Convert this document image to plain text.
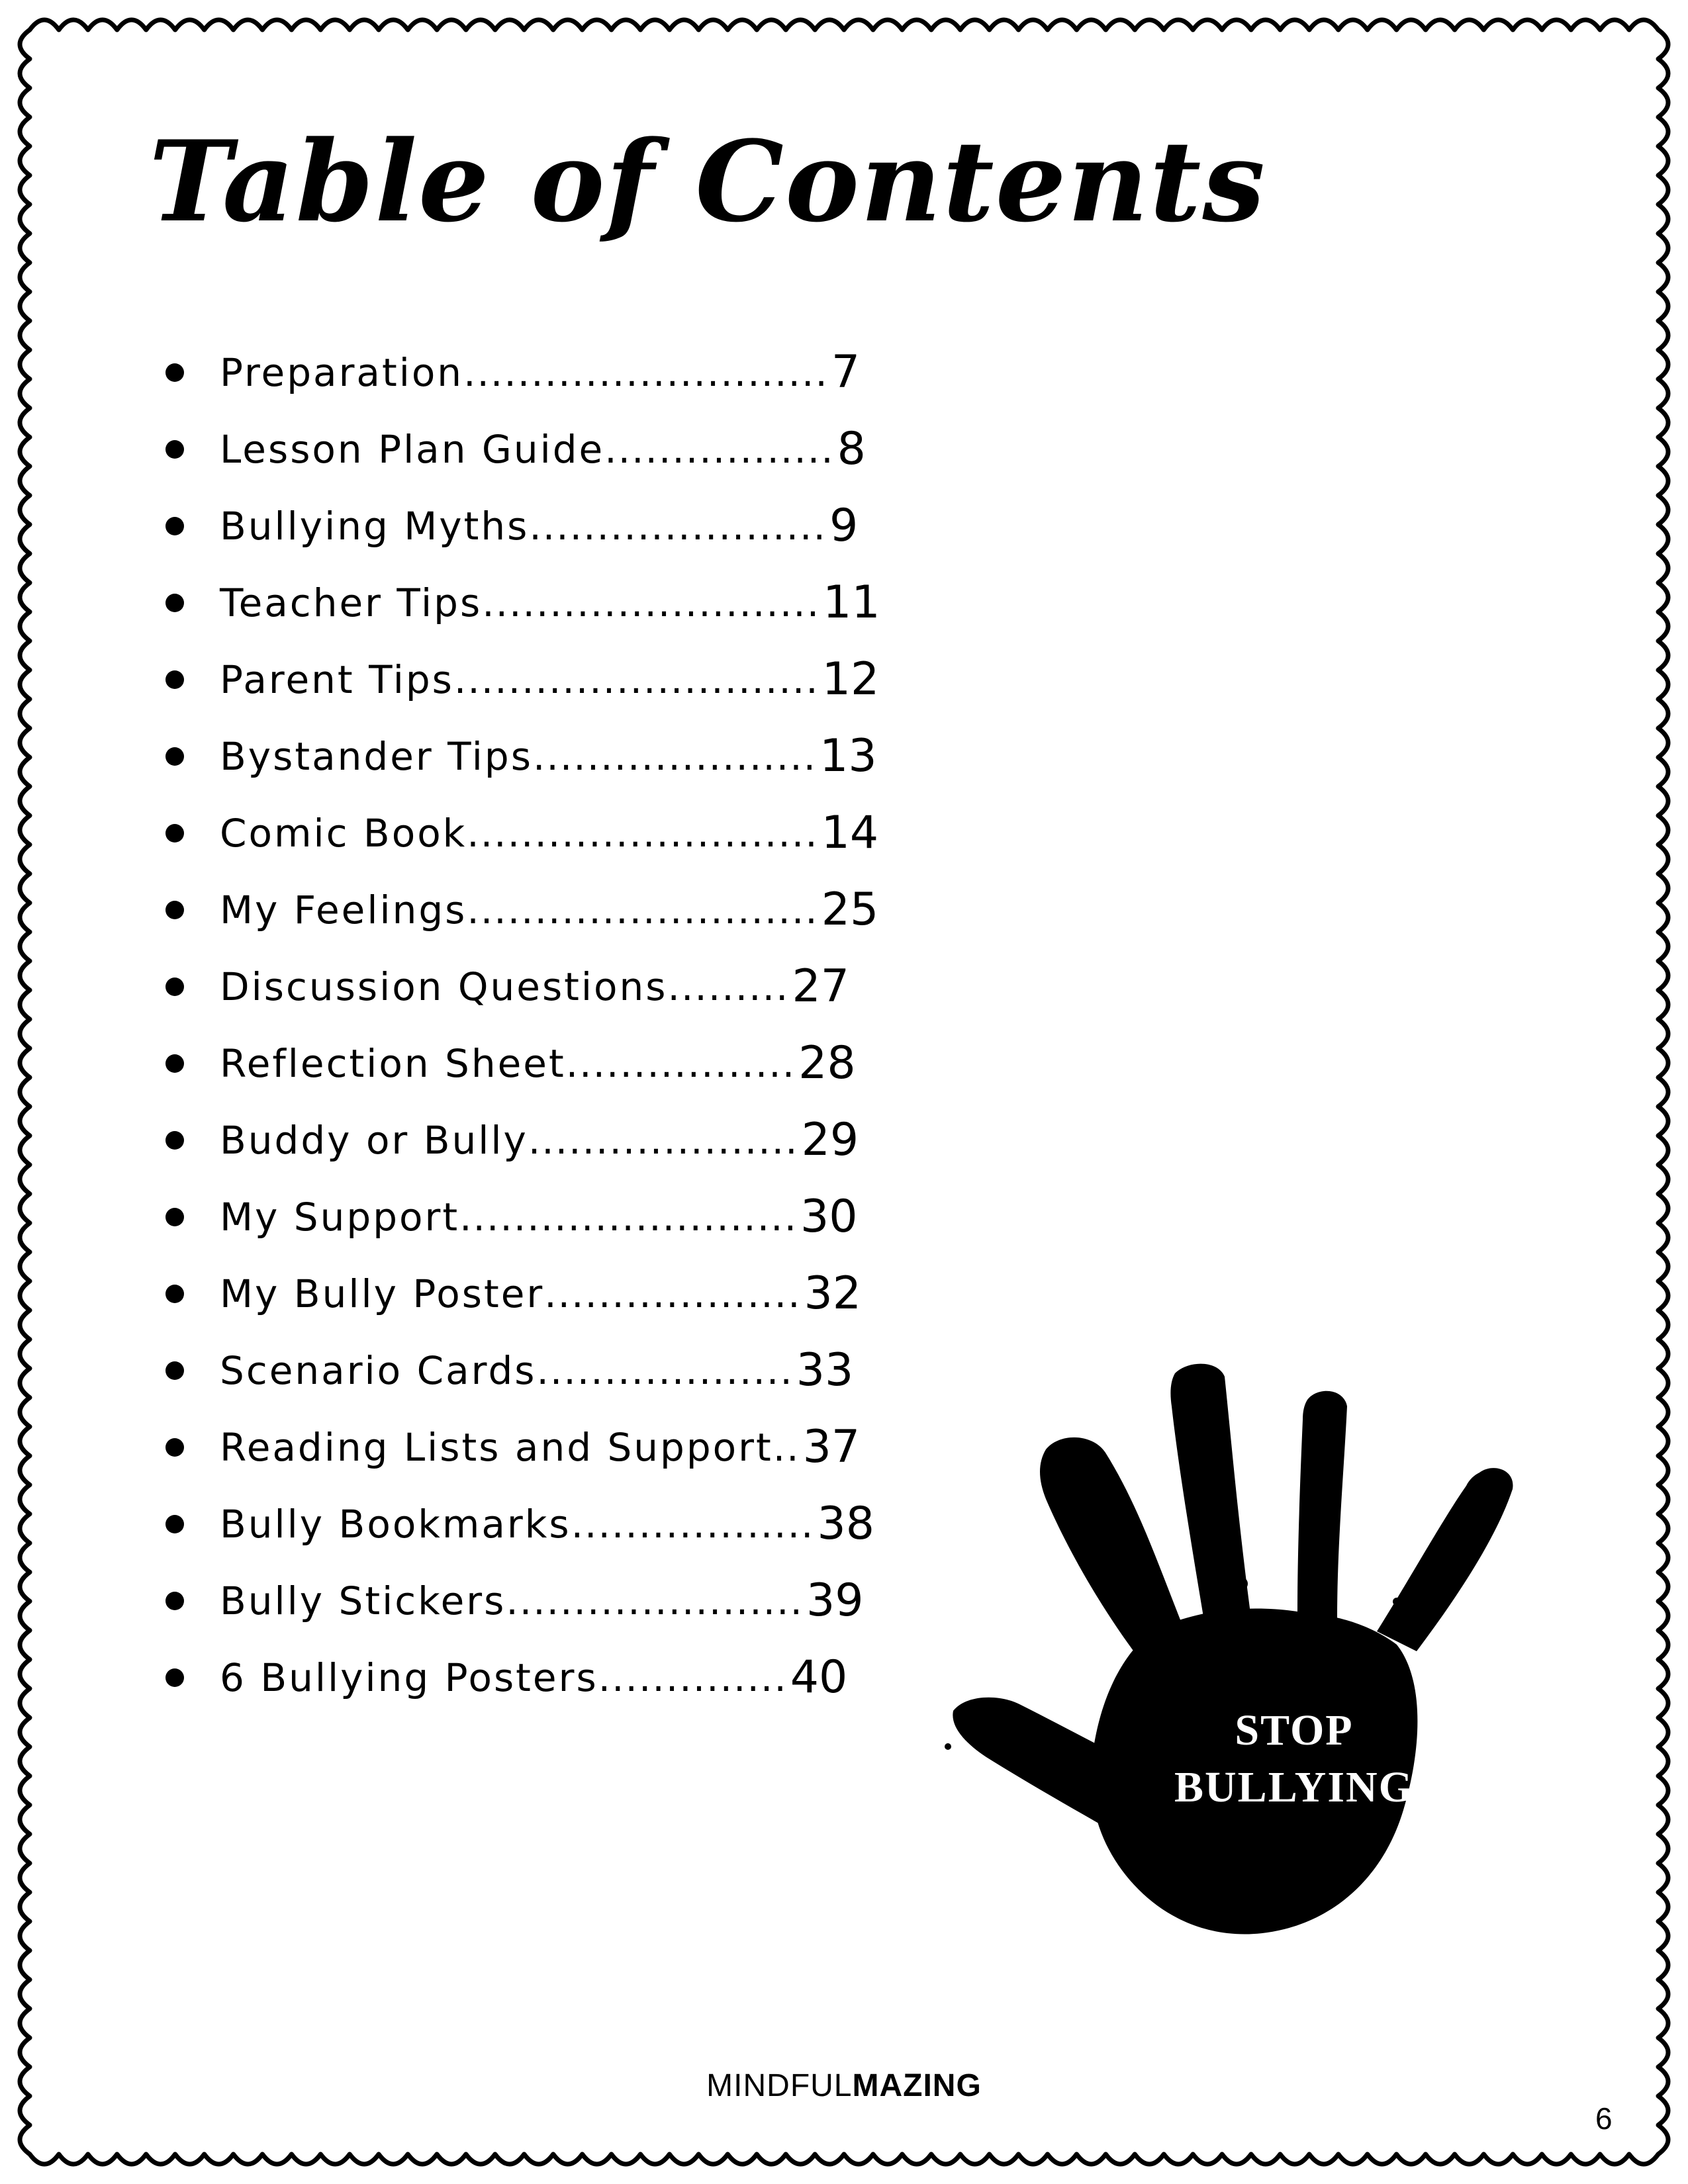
Table of Contents
Preparation ........................... 7
Lesson Plan Guide ................. 8
Bullying Myths ...................... 9
Teacher Tips ......................... 11
Parent Tips ........................... 12
Bystander Tips ..................... 13
Comic Book .......................... 14
My Feelings .......................... 25
Discussion Questions ......... 27
Reflection Sheet ................. 28
Buddy or Bully .................... 29
My Support ......................... 30
My Bully Poster ................... 32
Scenario Cards ................... 33
Reading Lists and Support .. 37
Bully Bookmarks .................. 38
Bully Stickers ...................... 39
6 Bullying Posters .............. 40
STOP
BULLYING
MINDFULMAZING
6
